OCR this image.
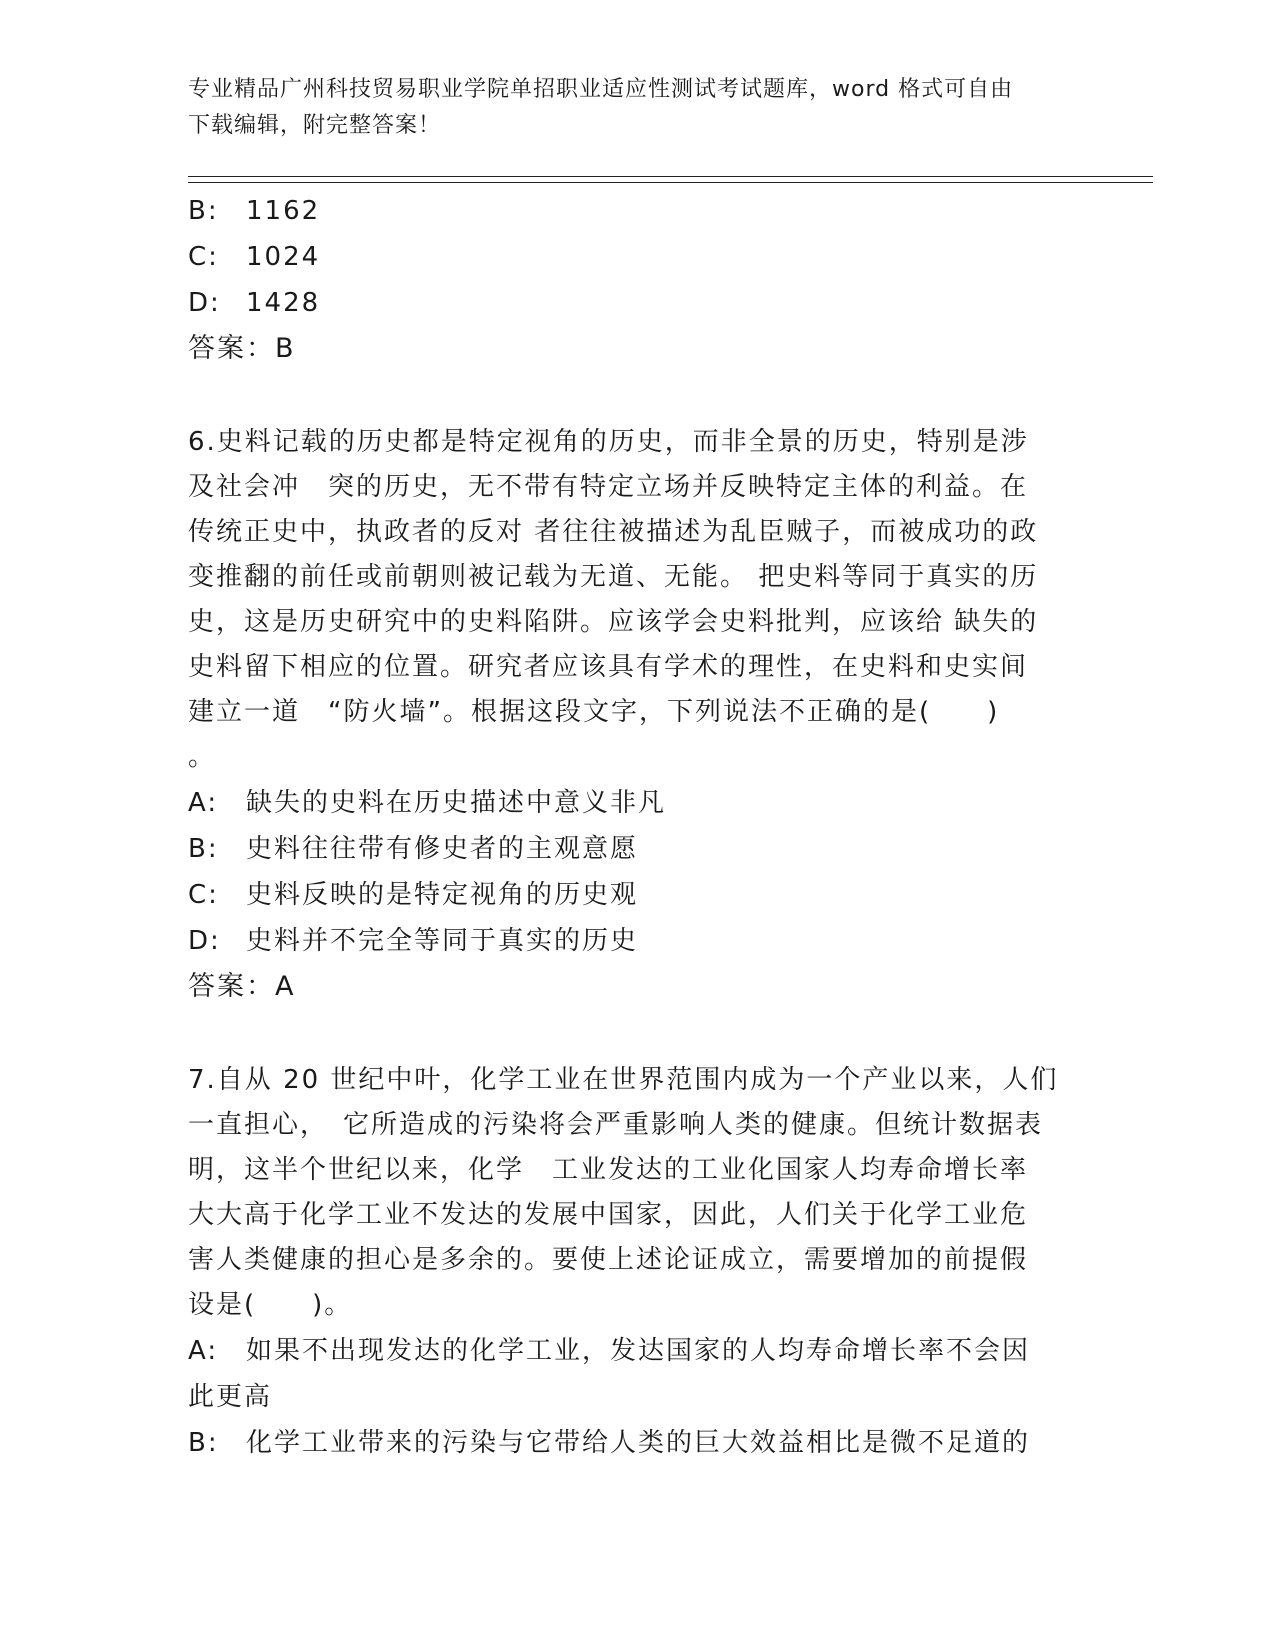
专业精品广州科技贸易职业学院单招职业适应性测试考试题库，word 格式可自由
下载编辑，附完整答案！
B: 1162
C: 1024
D: 1428
答案：B
6.史料记载的历史都是特定视角的历史，而非全景的历史，特别是涉
及社会冲　突的历史，无不带有特定立场并反映特定主体的利益。在
传统正史中，执政者的反对 者往往被描述为乱臣贼子，而被成功的政
变推翻的前任或前朝则被记载为无道、无能。 把史料等同于真实的历
史，这是历史研究中的史料陷阱。应该学会史料批判，应该给 缺失的
史料留下相应的位置。研究者应该具有学术的理性，在史料和史实间
建立一道　“防火墙”。根据这段文字，下列说法不正确的是(　　)
。
A: 缺失的史料在历史描述中意义非凡
B: 史料往往带有修史者的主观意愿
C: 史料反映的是特定视角的历史观
D: 史料并不完全等同于真实的历史
答案：A
7.自从 20 世纪中叶，化学工业在世界范围内成为一个产业以来，人们
一直担心，　它所造成的污染将会严重影响人类的健康。但统计数据表
明，这半个世纪以来，化学　工业发达的工业化国家人均寿命增长率
大大高于化学工业不发达的发展中国家，因此，人们关于化学工业危
害人类健康的担心是多余的。要使上述论证成立，需要增加的前提假
设是(　　)。
A: 如果不出现发达的化学工业，发达国家的人均寿命增长率不会因
此更高
B: 化学工业带来的污染与它带给人类的巨大效益相比是微不足道的
